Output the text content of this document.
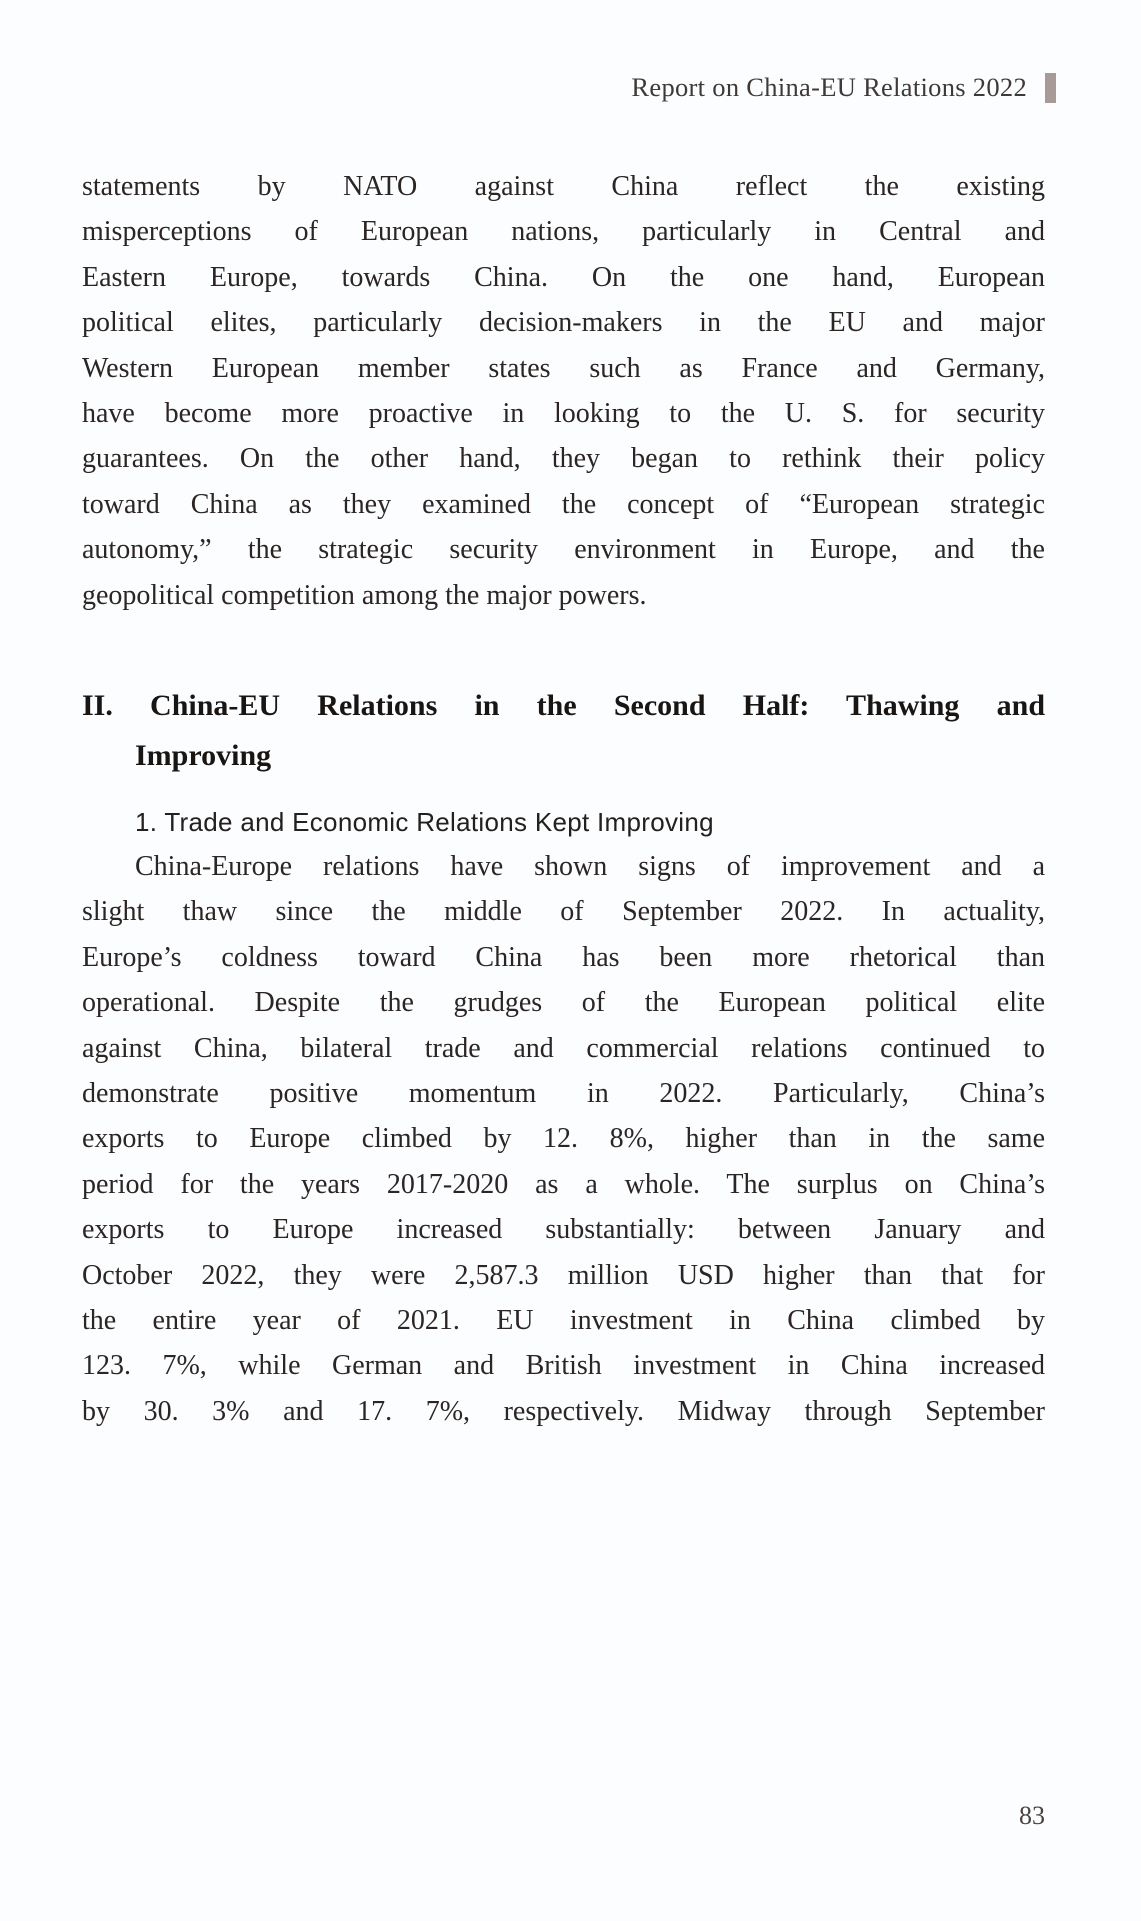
Report on China-EU Relations 2022
statements by NATO against China reflect the existing
misperceptions of European nations, particularly in Central and
Eastern Europe, towards China. On the one hand, European
political elites, particularly decision-makers in the EU and major
Western European member states such as France and Germany,
have become more proactive in looking to the U. S. for security
guarantees. On the other hand, they began to rethink their policy
toward China as they examined the concept of “European strategic
autonomy,” the strategic security environment in Europe, and the
geopolitical competition among the major powers.
II. China-EU Relations in the Second Half: Thawing and
Improving
1. Trade and Economic Relations Kept Improving
China-Europe relations have shown signs of improvement and a
slight thaw since the middle of September 2022. In actuality,
Europe’s coldness toward China has been more rhetorical than
operational. Despite the grudges of the European political elite
against China, bilateral trade and commercial relations continued to
demonstrate positive momentum in 2022. Particularly, China’s
exports to Europe climbed by 12. 8%, higher than in the same
period for the years 2017-2020 as a whole. The surplus on China’s
exports to Europe increased substantially: between January and
October 2022, they were 2,587.3 million USD higher than that for
the entire year of 2021. EU investment in China climbed by
123. 7%, while German and British investment in China increased
by 30. 3% and 17. 7%, respectively. Midway through September
83
